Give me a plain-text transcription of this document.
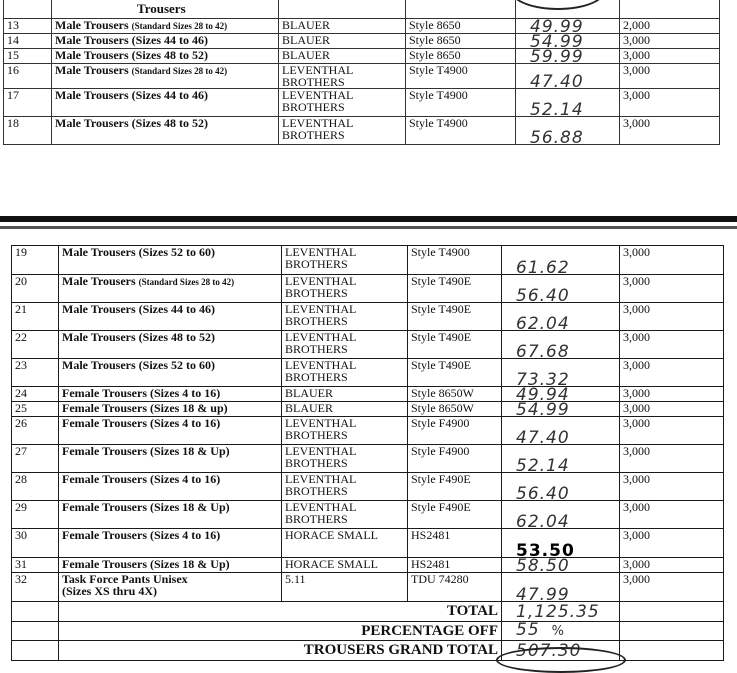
	Trousers				
13	Male Trousers (Standard Sizes 28 to 42)	BLAUER	Style 8650	49.99	2,000
14	Male Trousers (Sizes 44 to 46)	BLAUER	Style 8650	54.99	3,000
15	Male Trousers (Sizes 48 to 52)	BLAUER	Style 8650	59.99	3,000
16	Male Trousers (Standard Sizes 28 to 42)	LEVENTHAL BROTHERS	Style T4900	47.40	3,000
17	Male Trousers (Sizes 44 to 46)	LEVENTHAL BROTHERS	Style T4900	52.14	3,000
18	Male Trousers (Sizes 48 to 52)	LEVENTHAL BROTHERS	Style T4900	56.88	3,000
19	Male Trousers (Sizes 52 to 60)	LEVENTHAL BROTHERS	Style T4900	61.62	3,000
20	Male Trousers (Standard Sizes 28 to 42)	LEVENTHAL BROTHERS	Style T490E	56.40	3,000
21	Male Trousers (Sizes 44 to 46)	LEVENTHAL BROTHERS	Style T490E	62.04	3,000
22	Male Trousers (Sizes 48 to 52)	LEVENTHAL BROTHERS	Style T490E	67.68	3,000
23	Male Trousers (Sizes 52 to 60)	LEVENTHAL BROTHERS	Style T490E	73.32	3,000
24	Female Trousers (Sizes 4 to 16)	BLAUER	Style 8650W	49.94	3,000
25	Female Trousers (Sizes 18 & up)	BLAUER	Style 8650W	54.99	3,000
26	Female Trousers (Sizes 4 to 16)	LEVENTHAL BROTHERS	Style F4900	47.40	3,000
27	Female Trousers (Sizes 18 & Up)	LEVENTHAL BROTHERS	Style F4900	52.14	3,000
28	Female Trousers (Sizes 4 to 16)	LEVENTHAL BROTHERS	Style F490E	56.40	3,000
29	Female Trousers (Sizes 18 & Up)	LEVENTHAL BROTHERS	Style F490E	62.04	3,000
30	Female Trousers (Sizes 4 to 16)	HORACE SMALL	HS2481	53.50	3,000
31	Female Trousers (Sizes 18 & Up)	HORACE SMALL	HS2481	58.50	3,000
32	Task Force Pants Unisex
(Sizes XS thru 4X)	5.11	TDU 74280	47.99	3,000
	TOTAL			1,125.35	
	PERCENTAGE OFF			55 %	
	TROUSERS GRAND TOTAL			507.30	
